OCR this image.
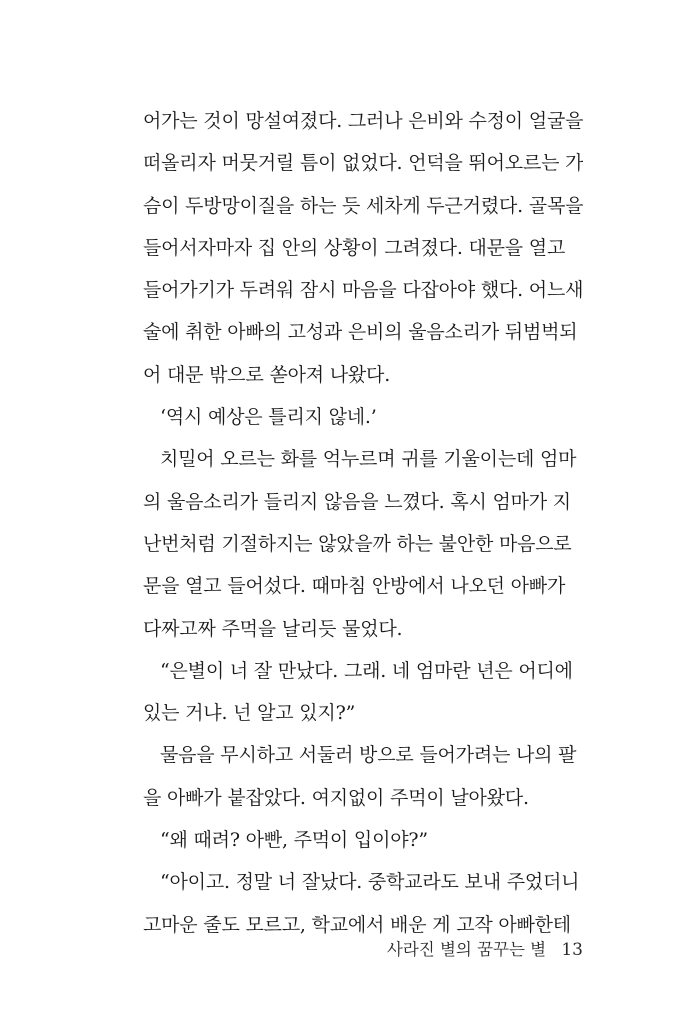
어가는 것이 망설여졌다. 그러나 은비와 수정이 얼굴을
떠올리자 머뭇거릴 틈이 없었다. 언덕을 뛰어오르는 가
슴이 두방망이질을 하는 듯 세차게 두근거렸다. 골목을
들어서자마자 집 안의 상황이 그려졌다. 대문을 열고
들어가기가 두려워 잠시 마음을 다잡아야 했다. 어느새
술에 취한 아빠의 고성과 은비의 울음소리가 뒤범벅되
어 대문 밖으로 쏟아져 나왔다.
‘역시 예상은 틀리지 않네.’
치밀어 오르는 화를 억누르며 귀를 기울이는데 엄마
의 울음소리가 들리지 않음을 느꼈다. 혹시 엄마가 지
난번처럼 기절하지는 않았을까 하는 불안한 마음으로
문을 열고 들어섰다. 때마침 안방에서 나오던 아빠가
다짜고짜 주먹을 날리듯 물었다.
“은별이 너 잘 만났다. 그래. 네 엄마란 년은 어디에
있는 거냐. 넌 알고 있지?”
물음을 무시하고 서둘러 방으로 들어가려는 나의 팔
을 아빠가 붙잡았다. 여지없이 주먹이 날아왔다.
“왜 때려? 아빤, 주먹이 입이야?”
“아이고. 정말 너 잘났다. 중학교라도 보내 주었더니
고마운 줄도 모르고, 학교에서 배운 게 고작 아빠한테
사라진 별의 꿈꾸는 별 13
